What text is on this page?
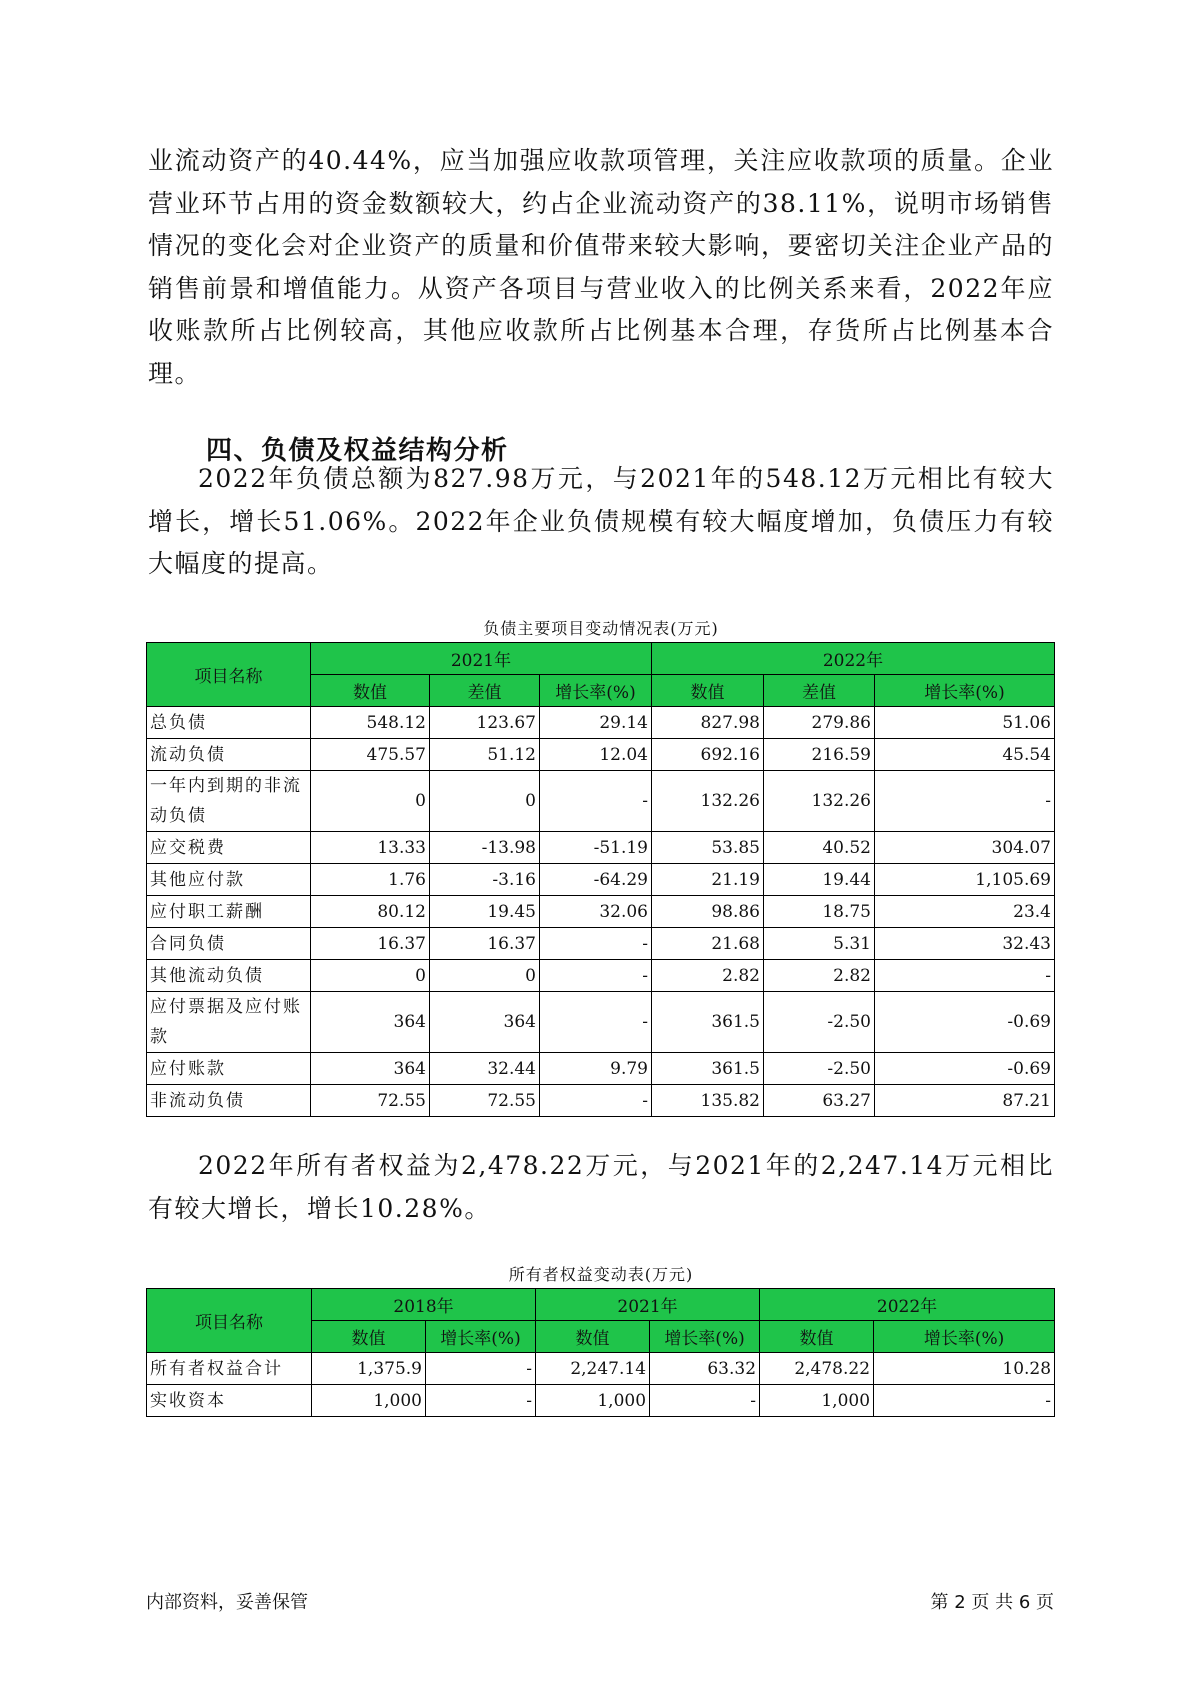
业流动资产的40.44%，应当加强应收款项管理，关注应收款项的质量。企业营业环节占用的资金数额较大，约占企业流动资产的38.11%，说明市场销售情况的变化会对企业资产的质量和价值带来较大影响，要密切关注企业产品的销售前景和增值能力。从资产各项目与营业收入的比例关系来看，2022年应收账款所占比例较高，其他应收款所占比例基本合理，存货所占比例基本合理。

四、负债及权益结构分析

2022年负债总额为827.98万元，与2021年的548.12万元相比有较大增长，增长51.06%。2022年企业负债规模有较大幅度增加，负债压力有较大幅度的提高。

负债主要项目变动情况表(万元)
项目名称	2021年			2022年		
	数值	差值	增长率(%)	数值	差值	增长率(%)
总负债	548.12	123.67	29.14	827.98	279.86	51.06
流动负债	475.57	51.12	12.04	692.16	216.59	45.54
一年内到期的非流动负债	0	0	-	132.26	132.26	-
应交税费	13.33	-13.98	-51.19	53.85	40.52	304.07
其他应付款	1.76	-3.16	-64.29	21.19	19.44	1,105.69
应付职工薪酬	80.12	19.45	32.06	98.86	18.75	23.4
合同负债	16.37	16.37	-	21.68	5.31	32.43
其他流动负债	0	0	-	2.82	2.82	-
应付票据及应付账款	364	364	-	361.5	-2.50	-0.69
应付账款	364	32.44	9.79	361.5	-2.50	-0.69
非流动负债	72.55	72.55	-	135.82	63.27	87.21

2022年所有者权益为2,478.22万元，与2021年的2,247.14万元相比有较大增长，增长10.28%。

所有者权益变动表(万元)
项目名称	2018年		2021年		2022年	
	数值	增长率(%)	数值	增长率(%)	数值	增长率(%)
所有者权益合计	1,375.9	-	2,247.14	63.32	2,478.22	10.28
实收资本	1,000	-	1,000	-	1,000	-
内部资料，妥善保管	第 2 页 共 6 页
